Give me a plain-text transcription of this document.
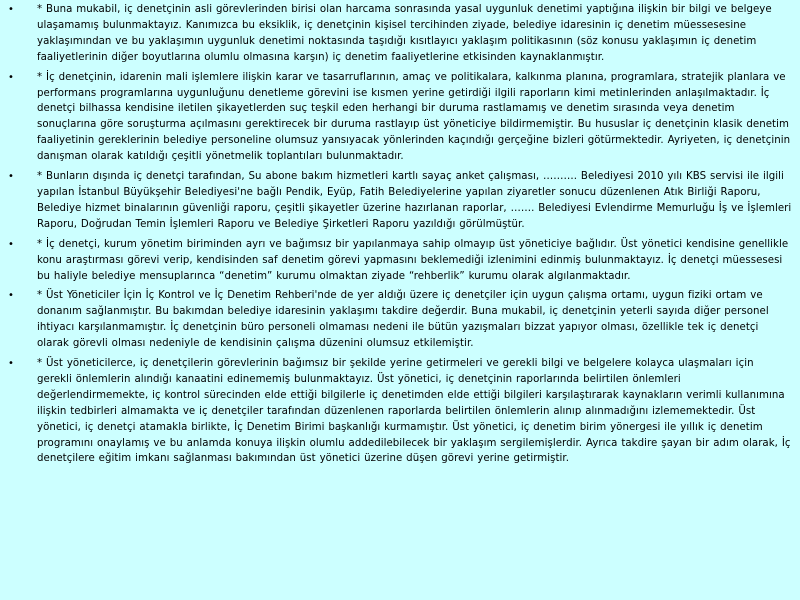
•	* Buna mukabil, iç denetçinin asli görevlerinden birisi olan harcama sonrasında yasal uygunluk denetimi yaptığına ilişkin bir bilgi ve belgeye ulaşamamış bulunmaktayız. Kanımızca bu eksiklik, iç denetçinin kişisel tercihinden ziyade, belediye idaresinin iç denetim müessesesine yaklaşımından ve bu yaklaşımın uygunluk denetimi noktasında taşıdığı kısıtlayıcı yaklaşım politikasının (söz konusu yaklaşımın iç denetim faaliyetlerinin diğer boyutlarına olumlu olmasına karşın) iç denetim faaliyetlerine etkisinden kaynaklanmıştır.
•	* İç denetçinin, idarenin mali işlemlere ilişkin karar ve tasarruflarının, amaç ve politikalara, kalkınma planına, programlara, stratejik planlara ve performans programlarına uygunluğunu denetleme görevini ise kısmen yerine getirdiği ilgili raporların kimi metinlerinden anlaşılmaktadır. İç denetçi bilhassa kendisine iletilen şikayetlerden suç teşkil eden herhangi bir duruma rastlamamış ve denetim sırasında veya denetim sonuçlarına göre soruşturma açılmasını gerektirecek bir duruma rastlayıp üst yöneticiye bildirmemiştir. Bu hususlar iç denetçinin klasik denetim faaliyetinin gereklerinin belediye personeline olumsuz yansıyacak yönlerinden kaçındığı gerçeğine bizleri götürmektedir. Ayriyeten, iç denetçinin danışman olarak katıldığı çeşitli yönetmelik toplantıları bulunmaktadır.
•	* Bunların dışında iç denetçi tarafından, Su abone bakım hizmetleri kartlı sayaç anket çalışması, ………. Belediyesi 2010 yılı KBS servisi ile ilgili yapılan İstanbul Büyükşehir Belediyesi'ne bağlı Pendik, Eyüp, Fatih Belediyelerine yapılan ziyaretler sonucu düzenlenen Atık Birliği Raporu, Belediye hizmet binalarının güvenliği raporu, çeşitli şikayetler üzerine hazırlanan raporlar, ……. Belediyesi Evlendirme Memurluğu İş ve İşlemleri Raporu, Doğrudan Temin İşlemleri Raporu ve Belediye Şirketleri Raporu yazıldığı görülmüştür.
•	* İç denetçi, kurum yönetim biriminden ayrı ve bağımsız bir yapılanmaya sahip olmayıp üst yöneticiye bağlıdır. Üst yönetici kendisine genellikle konu araştırması görevi verip, kendisinden saf denetim görevi yapmasını beklemediği izlenimini edinmiş bulunmaktayız. İç denetçi müessesesi bu haliyle belediye mensuplarınca “denetim” kurumu olmaktan ziyade “rehberlik” kurumu olarak algılanmaktadır.
•	* Üst Yöneticiler İçin İç Kontrol ve İç Denetim Rehberi'nde de yer aldığı üzere iç denetçiler için uygun çalışma ortamı, uygun fiziki ortam ve donanım sağlanmıştır. Bu bakımdan belediye idaresinin yaklaşımı takdire değerdir. Buna mukabil, iç denetçinin yeterli sayıda diğer personel ihtiyacı karşılanmamıştır. İç denetçinin büro personeli olmaması nedeni ile bütün yazışmaları bizzat yapıyor olması, özellikle tek iç denetçi olarak görevli olması nedeniyle de kendisinin çalışma düzenini olumsuz etkilemiştir.
•	* Üst yöneticilerce, iç denetçilerin görevlerinin bağımsız bir şekilde yerine getirmeleri ve gerekli bilgi ve belgelere kolayca ulaşmaları için gerekli önlemlerin alındığı kanaatini edinememiş bulunmaktayız. Üst yönetici, iç denetçinin raporlarında belirtilen önlemleri değerlendirmemekte, iç kontrol sürecinden elde ettiği bilgilerle iç denetimden elde ettiği bilgileri karşılaştırarak kaynakların verimli kullanımına ilişkin tedbirleri almamakta ve iç denetçiler tarafından düzenlenen raporlarda belirtilen önlemlerin alınıp alınmadığını izlememektedir. Üst yönetici, iç denetçi atamakla birlikte, İç Denetim Birimi başkanlığı kurmamıştır. Üst yönetici, iç denetim birim yönergesi ile yıllık iç denetim programını onaylamış ve bu anlamda konuya ilişkin olumlu addedilebilecek bir yaklaşım sergilemişlerdir. Ayrıca takdire şayan bir adım olarak, İç denetçilere eğitim imkanı sağlanması bakımından üst yönetici üzerine düşen görevi yerine getirmiştir.
